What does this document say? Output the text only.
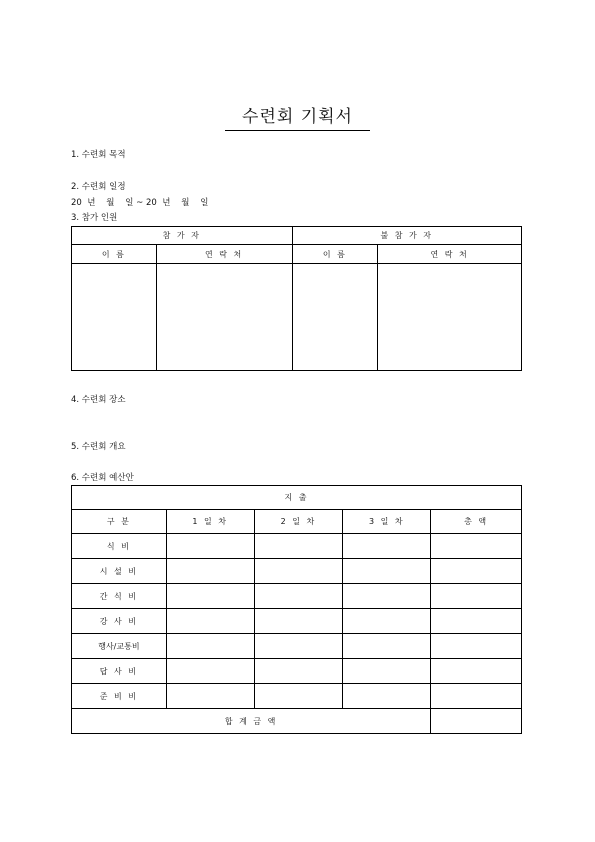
수련회 기획서
1. 수련회 목적
2. 수련회 일정
20  년    월    일 ~ 20  년    월    일
3. 참가 인원
참 가 자		불 참 가 자	
이 름	연 락 처	이 름	연 락 처

4. 수련회 장소
5. 수련회 개요
6. 수련회 예산안
지 출				
구 분	1 일 차	2 일 차	3 일 차	총 액
식 비				
시 설 비				
간 식 비				
강 사 비				
행사/교통비				
답 사 비				
준 비 비				
합 계 금 액				
